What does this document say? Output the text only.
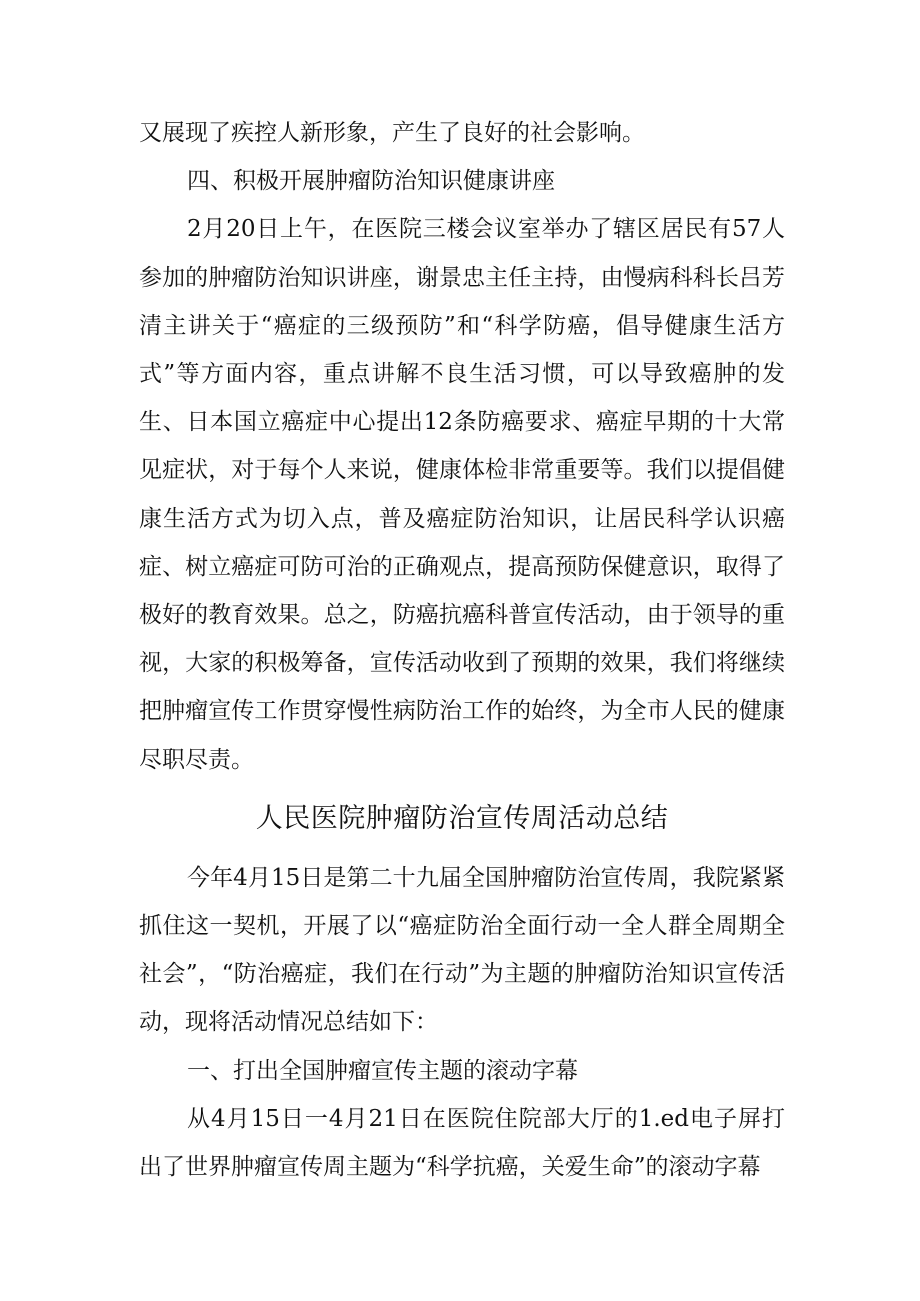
又展现了疾控人新形象，产生了良好的社会影响。

四、积极开展肿瘤防治知识健康讲座

2月20日上午，在医院三楼会议室举办了辖区居民有57人参加的肿瘤防治知识讲座，谢景忠主任主持，由慢病科科长吕芳清主讲关于“癌症的三级预防”和“科学防癌，倡导健康生活方式”等方面内容，重点讲解不良生活习惯，可以导致癌肿的发生、日本国立癌症中心提出12条防癌要求、癌症早期的十大常见症状，对于每个人来说，健康体检非常重要等。我们以提倡健康生活方式为切入点，普及癌症防治知识，让居民科学认识癌症、树立癌症可防可治的正确观点，提高预防保健意识，取得了极好的教育效果。总之，防癌抗癌科普宣传活动，由于领导的重视，大家的积极筹备，宣传活动收到了预期的效果，我们将继续把肿瘤宣传工作贯穿慢性病防治工作的始终，为全市人民的健康尽职尽责。

人民医院肿瘤防治宣传周活动总结

今年4月15日是第二十九届全国肿瘤防治宣传周，我院紧紧抓住这一契机，开展了以“癌症防治全面行动一全人群全周期全社会”，“防治癌症，我们在行动”为主题的肿瘤防治知识宣传活动，现将活动情况总结如下：

一、打出全国肿瘤宣传主题的滚动字幕

从4月15日一4月21日在医院住院部大厅的1.ed电子屏打出了世界肿瘤宣传周主题为“科学抗癌，关爱生命”的滚动字幕
